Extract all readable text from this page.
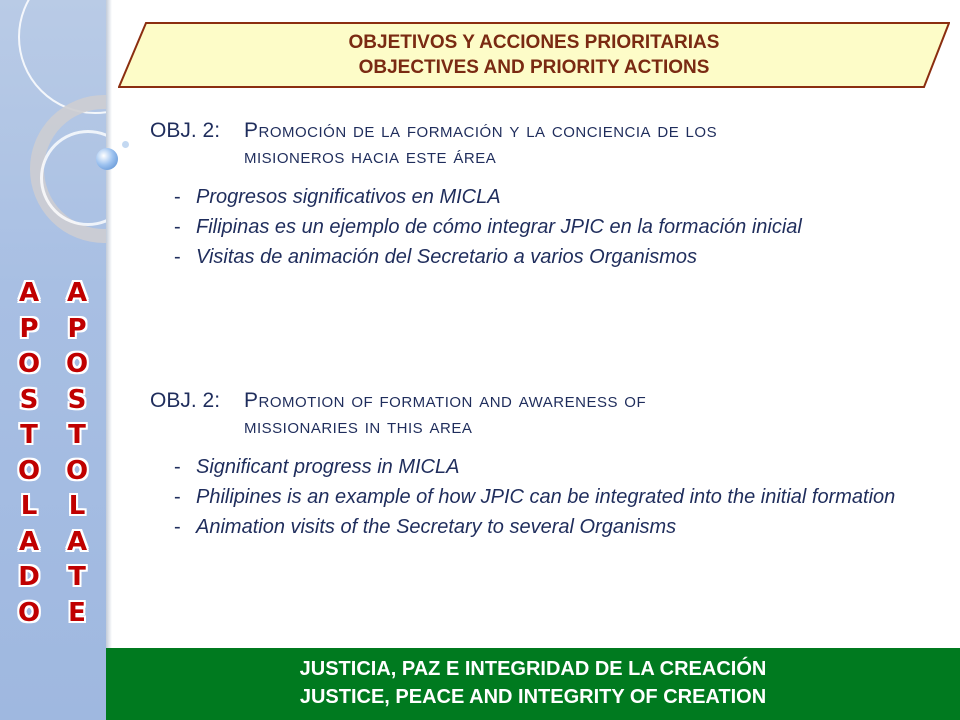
A
P
O
S
T
O
L
A
D
O
A
P
O
S
T
O
L
A
T
E
OBJETIVOS Y ACCIONES PRIORITARIAS
OBJECTIVES AND PRIORITY ACTIONS
OBJ. 2: Promoción de la formación y la conciencia de los
misioneros hacia este área
- Progresos significativos en MICLA
- Filipinas es un ejemplo de cómo integrar JPIC en la formación inicial
- Visitas de animación del Secretario a varios Organismos
OBJ. 2: Promotion of formation and awareness of
missionaries in this area
- Significant progress in MICLA
- Philipines is an example of how JPIC can be integrated into the initial formation
- Animation visits of the Secretary to several Organisms
JUSTICIA, PAZ E INTEGRIDAD DE LA CREACIÓN
JUSTICE, PEACE AND INTEGRITY OF CREATION
